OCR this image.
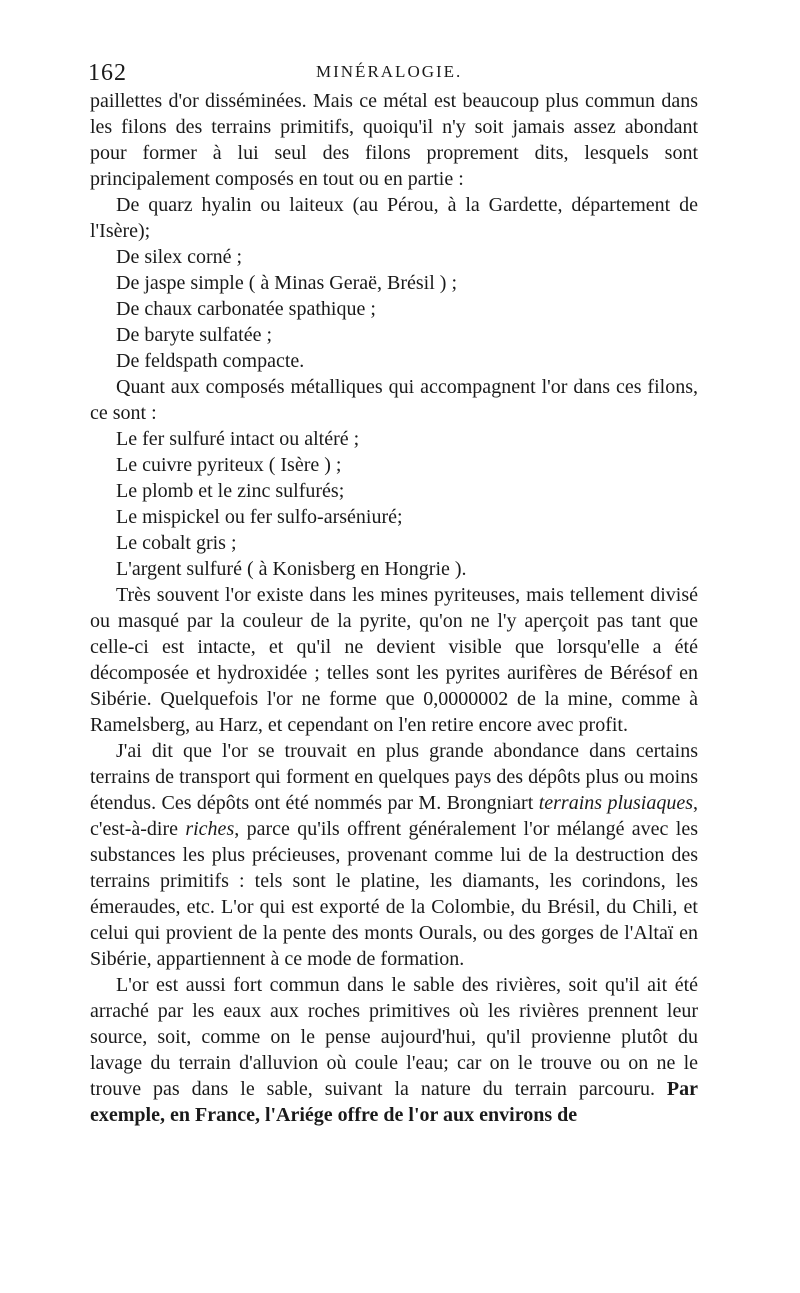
162	MINÉRALOGIE.

paillettes d'or disséminées. Mais ce métal est beaucoup plus commun dans les filons des terrains primitifs, quoiqu'il n'y soit jamais assez abondant pour former à lui seul des filons proprement dits, lesquels sont principalement composés en tout ou en partie :

De quarz hyalin ou laiteux (au Pérou, à la Gardette, département de l'Isère);

De silex corné ;

De jaspe simple ( à Minas Geraë, Brésil ) ;

De chaux carbonatée spathique ;

De baryte sulfatée ;

De feldspath compacte.

Quant aux composés métalliques qui accompagnent l'or dans ces filons, ce sont :

Le fer sulfuré intact ou altéré ;

Le cuivre pyriteux ( Isère ) ;

Le plomb et le zinc sulfurés;

Le mispickel ou fer sulfo-arséniuré;

Le cobalt gris ;

L'argent sulfuré ( à Konisberg en Hongrie ).

Très souvent l'or existe dans les mines pyriteuses, mais tellement divisé ou masqué par la couleur de la pyrite, qu'on ne l'y aperçoit pas tant que celle-ci est intacte, et qu'il ne devient visible que lorsqu'elle a été décomposée et hydroxidée ; telles sont les pyrites aurifères de Bérésof en Sibérie. Quelquefois l'or ne forme que 0,0000002 de la mine, comme à Ramelsberg, au Harz, et cependant on l'en retire encore avec profit.

J'ai dit que l'or se trouvait en plus grande abondance dans certains terrains de transport qui forment en quelques pays des dépôts plus ou moins étendus. Ces dépôts ont été nommés par M. Brongniart terrains plusiaques, c'est-à-dire riches, parce qu'ils offrent généralement l'or mélangé avec les substances les plus précieuses, provenant comme lui de la destruction des terrains primitifs : tels sont le platine, les diamants, les corindons, les émeraudes, etc. L'or qui est exporté de la Colombie, du Brésil, du Chili, et celui qui provient de la pente des monts Ourals, ou des gorges de l'Altaï en Sibérie, appartiennent à ce mode de formation.

L'or est aussi fort commun dans le sable des rivières, soit qu'il ait été arraché par les eaux aux roches primitives où les rivières prennent leur source, soit, comme on le pense aujourd'hui, qu'il provienne plutôt du lavage du terrain d'alluvion où coule l'eau; car on le trouve ou on ne le trouve pas dans le sable, suivant la nature du terrain parcouru. Par exemple, en France, l'Ariége offre de l'or aux environs de
